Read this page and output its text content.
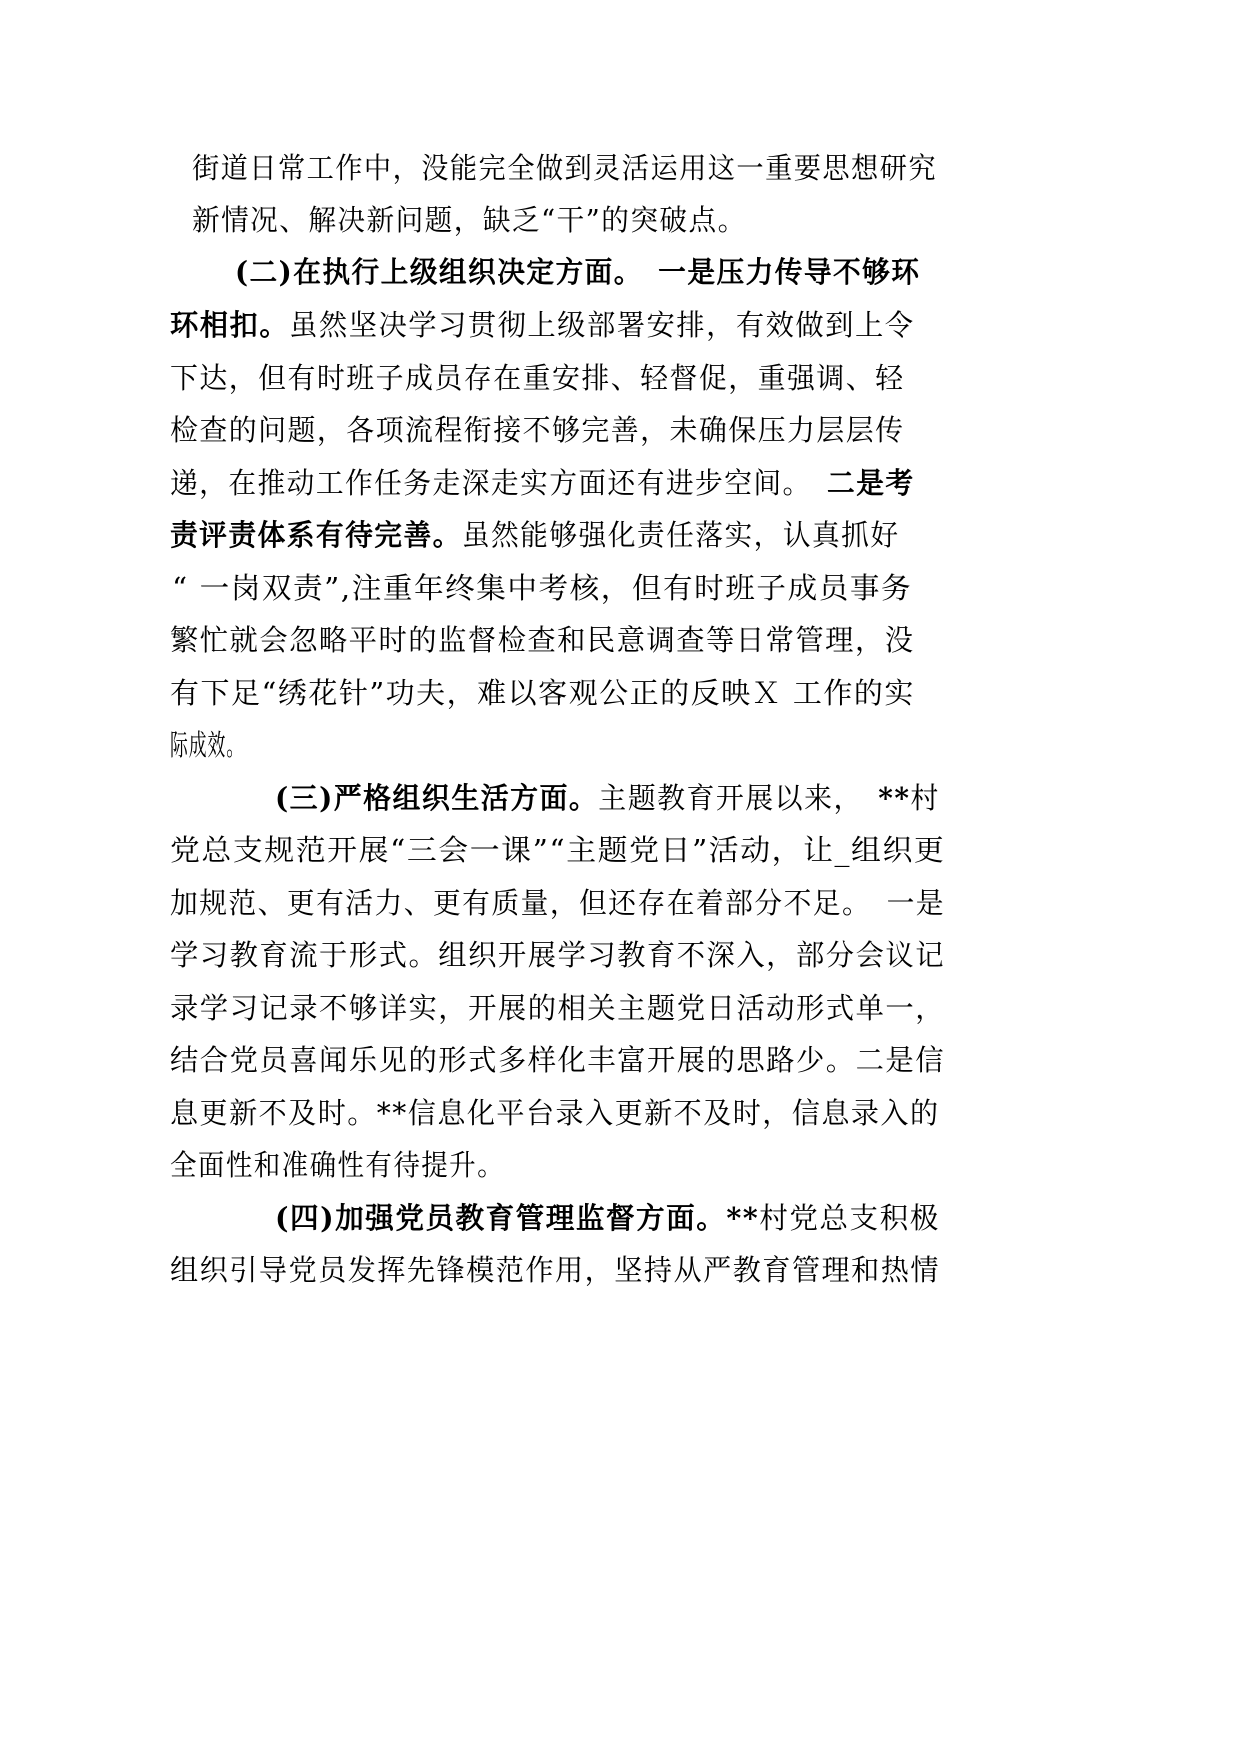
街道日常工作中，没能完全做到灵活运用这一重要思想研究
新情况、解决新问题，缺乏“干”的突破点。
(二)在执行上级组织决定方面。　一是压力传导不够环
环相扣。虽然坚决学习贯彻上级部署安排，有效做到上令
下达，但有时班子成员存在重安排、轻督促，重强调、轻
检查的问题，各项流程衔接不够完善，未确保压力层层传
递，在推动工作任务走深走实方面还有进步空间。　二是考
责评责体系有待完善。虽然能够强化责任落实，认真抓好
“ 一岗双责”,注重年终集中考核，但有时班子成员事务
繁忙就会忽略平时的监督检查和民意调查等日常管理，没
有下足“绣花针”功夫，难以客观公正的反映Ｘ 工作的实
际成效。
(三)严格组织生活方面。主题教育开展以来，　**村
党总支规范开展“三会一课”“主题党日”活动，让_组织更
加规范、更有活力、更有质量，但还存在着部分不足。　一是
学习教育流于形式。组织开展学习教育不深入，部分会议记
录学习记录不够详实，开展的相关主题党日活动形式单一，
结合党员喜闻乐见的形式多样化丰富开展的思路少。二是信
息更新不及时。**信息化平台录入更新不及时，信息录入的
全面性和准确性有待提升。
(四)加强党员教育管理监督方面。**村党总支积极
组织引导党员发挥先锋模范作用，坚持从严教育管理和热情
